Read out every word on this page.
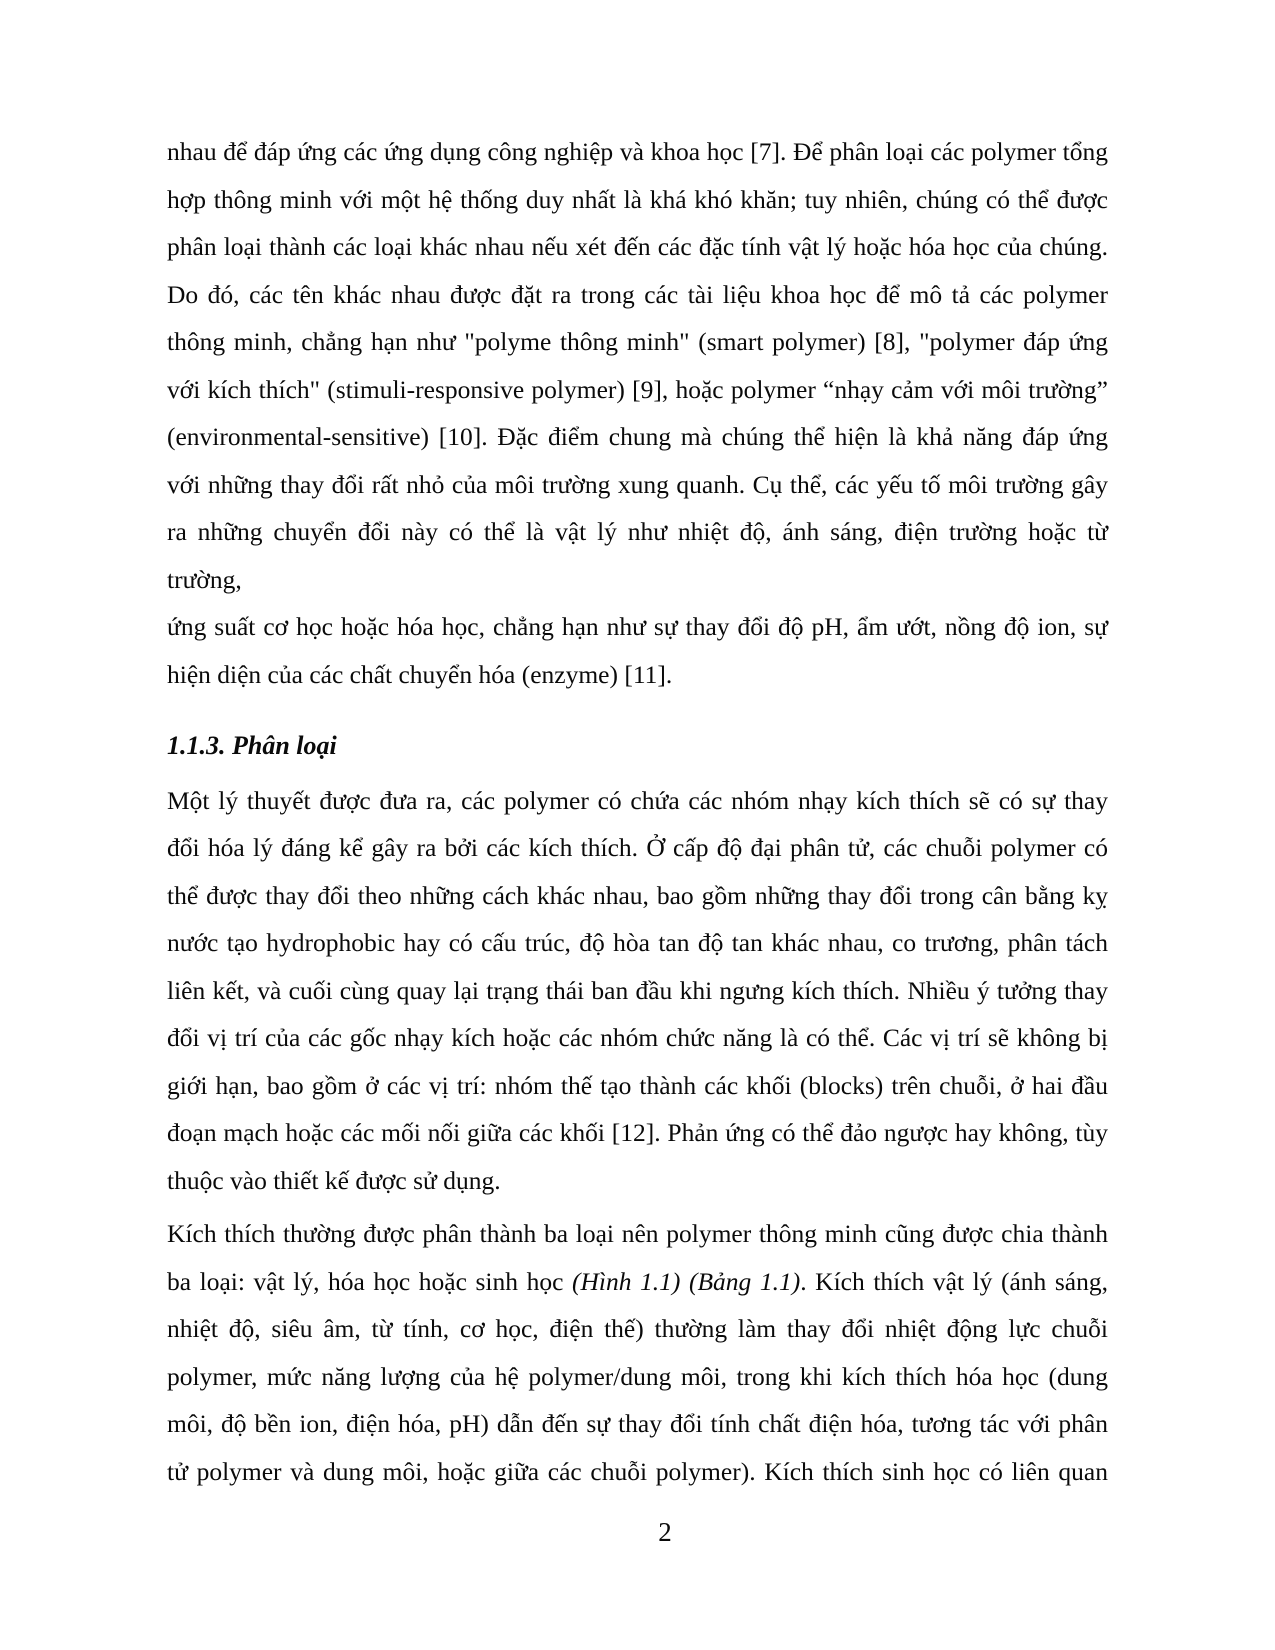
nhau để đáp ứng các ứng dụng công nghiệp và khoa học [7]. Để phân loại các polymer tổng
hợp thông minh với một hệ thống duy nhất là khá khó khăn; tuy nhiên, chúng có thể được
phân loại thành các loại khác nhau nếu xét đến các đặc tính vật lý hoặc hóa học của chúng.
Do đó, các tên khác nhau được đặt ra trong các tài liệu khoa học để mô tả các polymer
thông minh, chẳng hạn như "polyme thông minh" (smart polymer) [8], "polymer đáp ứng
với kích thích" (stimuli-responsive polymer) [9], hoặc polymer “nhạy cảm với môi trường”
(environmental-sensitive) [10]. Đặc điểm chung mà chúng thể hiện là khả năng đáp ứng
với những thay đổi rất nhỏ của môi trường xung quanh. Cụ thể, các yếu tố môi trường gây
ra những chuyển đổi này có thể là vật lý như nhiệt độ, ánh sáng, điện trường hoặc từ trường,
ứng suất cơ học hoặc hóa học, chẳng hạn như sự thay đổi độ pH, ẩm ướt, nồng độ ion, sự
hiện diện của các chất chuyển hóa (enzyme) [11].
1.1.3. Phân loại
Một lý thuyết được đưa ra, các polymer có chứa các nhóm nhạy kích thích sẽ có sự thay
đổi hóa lý đáng kể gây ra bởi các kích thích. Ở cấp độ đại phân tử, các chuỗi polymer có
thể được thay đổi theo những cách khác nhau, bao gồm những thay đổi trong cân bằng kỵ
nước tạo hydrophobic hay có cấu trúc, độ hòa tan độ tan khác nhau, co trương, phân tách
liên kết, và cuối cùng quay lại trạng thái ban đầu khi ngưng kích thích. Nhiều ý tưởng thay
đổi vị trí của các gốc nhạy kích hoặc các nhóm chức năng là có thể. Các vị trí sẽ không bị
giới hạn, bao gồm ở các vị trí: nhóm thế tạo thành các khối (blocks) trên chuỗi, ở hai đầu
đoạn mạch hoặc các mối nối giữa các khối [12]. Phản ứng có thể đảo ngược hay không, tùy
thuộc vào thiết kế được sử dụng.
Kích thích thường được phân thành ba loại nên polymer thông minh cũng được chia thành
ba loại: vật lý, hóa học hoặc sinh học (Hình 1.1) (Bảng 1.1). Kích thích vật lý (ánh sáng,
nhiệt độ, siêu âm, từ tính, cơ học, điện thế) thường làm thay đổi nhiệt động lực chuỗi
polymer, mức năng lượng của hệ polymer/dung môi, trong khi kích thích hóa học (dung
môi, độ bền ion, điện hóa, pH) dẫn đến sự thay đổi tính chất điện hóa, tương tác với phân
tử polymer và dung môi, hoặc giữa các chuỗi polymer). Kích thích sinh học có liên quan
2
